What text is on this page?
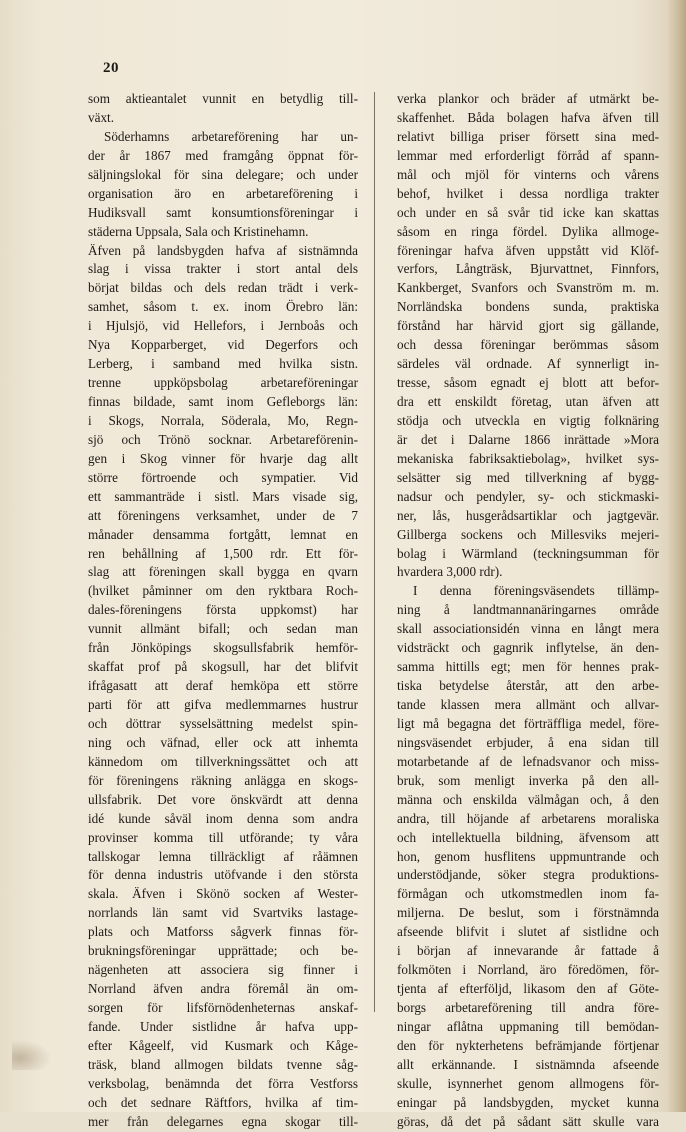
20
som aktieantalet vunnit en betydlig till-
växt.
Söderhamns arbetareförening har un-
der år 1867 med framgång öppnat för-
säljningslokal för sina delegare; och under
organisation äro en arbetareförening i
Hudiksvall samt konsumtionsföreningar i
städerna Uppsala, Sala och Kristinehamn.
Äfven på landsbygden hafva af sistnämnda
slag i vissa trakter i stort antal dels
börjat bildas och dels redan trädt i verk-
samhet, såsom t. ex. inom Örebro län:
i Hjulsjö, vid Hellefors, i Jernboås och
Nya Kopparberget, vid Degerfors och
Lerberg, i samband med hvilka sistn.
trenne uppköpsbolag arbetareföreningar
finnas bildade, samt inom Gefleborgs län:
i Skogs, Norrala, Söderala, Mo, Regn-
sjö och Trönö socknar. Arbetareförenin-
gen i Skog vinner för hvarje dag allt
större förtroende och sympatier. Vid
ett sammanträde i sistl. Mars visade sig,
att föreningens verksamhet, under de 7
månader densamma fortgått, lemnat en
ren behållning af 1,500 rdr. Ett för-
slag att föreningen skall bygga en qvarn
(hvilket påminner om den ryktbara Roch-
dales-föreningens första uppkomst) har
vunnit allmänt bifall; och sedan man
från Jönköpings skogsullsfabrik hemför-
skaffat prof på skogsull, har det blifvit
ifrågasatt att deraf hemköpa ett större
parti för att gifva medlemmarnes hustrur
och döttrar sysselsättning medelst spin-
ning och väfnad, eller ock att inhemta
kännedom om tillverkningssättet och att
för föreningens räkning anlägga en skogs-
ullsfabrik. Det vore önskvärdt att denna
idé kunde såväl inom denna som andra
provinser komma till utförande; ty våra
tallskogar lemna tillräckligt af råämnen
för denna industris utöfvande i den största
skala. Äfven i Skönö socken af Wester-
norrlands län samt vid Svartviks lastage-
plats och Matforss sågverk finnas för-
brukningsföreningar upprättade; och be-
nägenheten att associera sig finner i
Norrland äfven andra föremål än om-
sorgen för lifsförnödenheternas anskaf-
fande. Under sistlidne år hafva upp-
efter Kågeelf, vid Kusmark och Kåge-
träsk, bland allmogen bildats tvenne såg-
verksbolag, benämnda det förra Vestforss
och det sednare Räftfors, hvilka af tim-
mer från delegarnes egna skogar till-
verka plankor och bräder af utmärkt be-
skaffenhet. Båda bolagen hafva äfven till
relativt billiga priser försett sina med-
lemmar med erforderligt förråd af spann-
mål och mjöl för vinterns och vårens
behof, hvilket i dessa nordliga trakter
och under en så svår tid icke kan skattas
såsom en ringa fördel. Dylika allmoge-
föreningar hafva äfven uppstått vid Klöf-
verfors, Långträsk, Bjurvattnet, Finnfors,
Kankberget, Svanfors och Svanström m. m.
Norrländska bondens sunda, praktiska
förstånd har härvid gjort sig gällande,
och dessa föreningar berömmas såsom
särdeles väl ordnade. Af synnerligt in-
tresse, såsom egnadt ej blott att befor-
dra ett enskildt företag, utan äfven att
stödja och utveckla en vigtig folknäring
är det i Dalarne 1866 inrättade »Mora
mekaniska fabriksaktiebolag», hvilket sys-
selsätter sig med tillverkning af bygg-
nadsur och pendyler, sy- och stickmaski-
ner, lås, husgerådsartiklar och jagtgevär.
Gillberga sockens och Millesviks mejeri-
bolag i Wärmland (teckningsumman för
hvardera 3,000 rdr).
I denna föreningsväsendets tillämp-
ning å landtmannanäringarnes område
skall associationsidén vinna en långt mera
vidsträckt och gagnrik inflytelse, än den-
samma hittills egt; men för hennes prak-
tiska betydelse återstår, att den arbe-
tande klassen mera allmänt och allvar-
ligt må begagna det förträffliga medel, före-
ningsväsendet erbjuder, å ena sidan till
motarbetande af de lefnadsvanor och miss-
bruk, som menligt inverka på den all-
männa och enskilda välmågan och, å den
andra, till höjande af arbetarens moraliska
och intellektuella bildning, äfvensom att
hon, genom husflitens uppmuntrande och
understödjande, söker stegra produktions-
förmågan och utkomstmedlen inom fa-
miljerna. De beslut, som i förstnämnda
afseende blifvit i slutet af sistlidne och
i början af innevarande år fattade å
folkmöten i Norrland, äro föredömen, för-
tjenta af efterföljd, likasom den af Göte-
borgs arbetareförening till andra före-
ningar aflåtna uppmaning till bemödan-
den för nykterhetens befrämjande förtjenar
allt erkännande. I sistnämnda afseende
skulle, isynnerhet genom allmogens för-
eningar på landsbygden, mycket kunna
göras, då det på sådant sätt skulle vara
